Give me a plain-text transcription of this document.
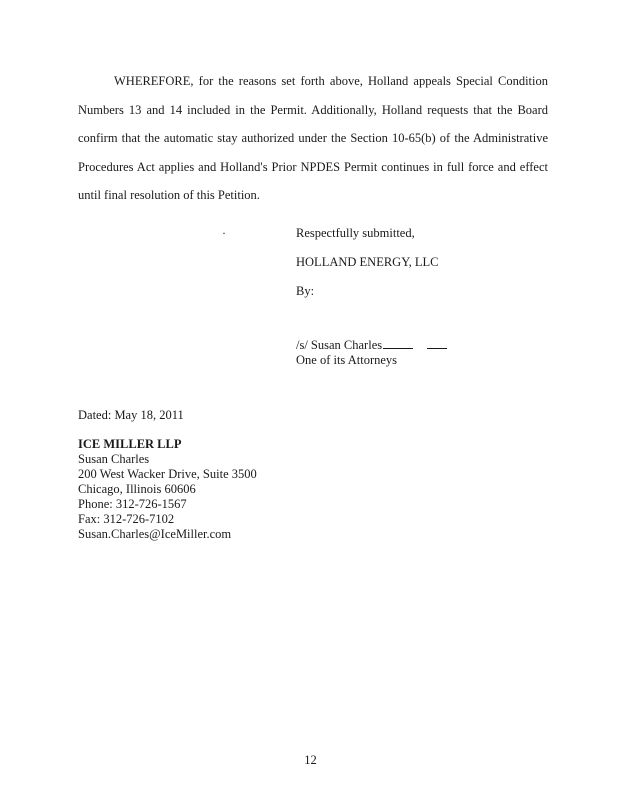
WHEREFORE, for the reasons set forth above, Holland appeals Special Condition Numbers 13 and 14 included in the Permit. Additionally, Holland requests that the Board confirm that the automatic stay authorized under the Section 10-65(b) of the Administrative Procedures Act applies and Holland's Prior NPDES Permit continues in full force and effect until final resolution of this Petition.

·	Respectfully submitted,
HOLLAND ENERGY, LLC
By:
/s/ Susan Charles
One of its Attorneys
Dated: May 18, 2011
ICE MILLER LLP
Susan Charles
200 West Wacker Drive, Suite 3500
Chicago, Illinois 60606
Phone: 312-726-1567
Fax: 312-726-7102
Susan.Charles@IceMiller.com
12
